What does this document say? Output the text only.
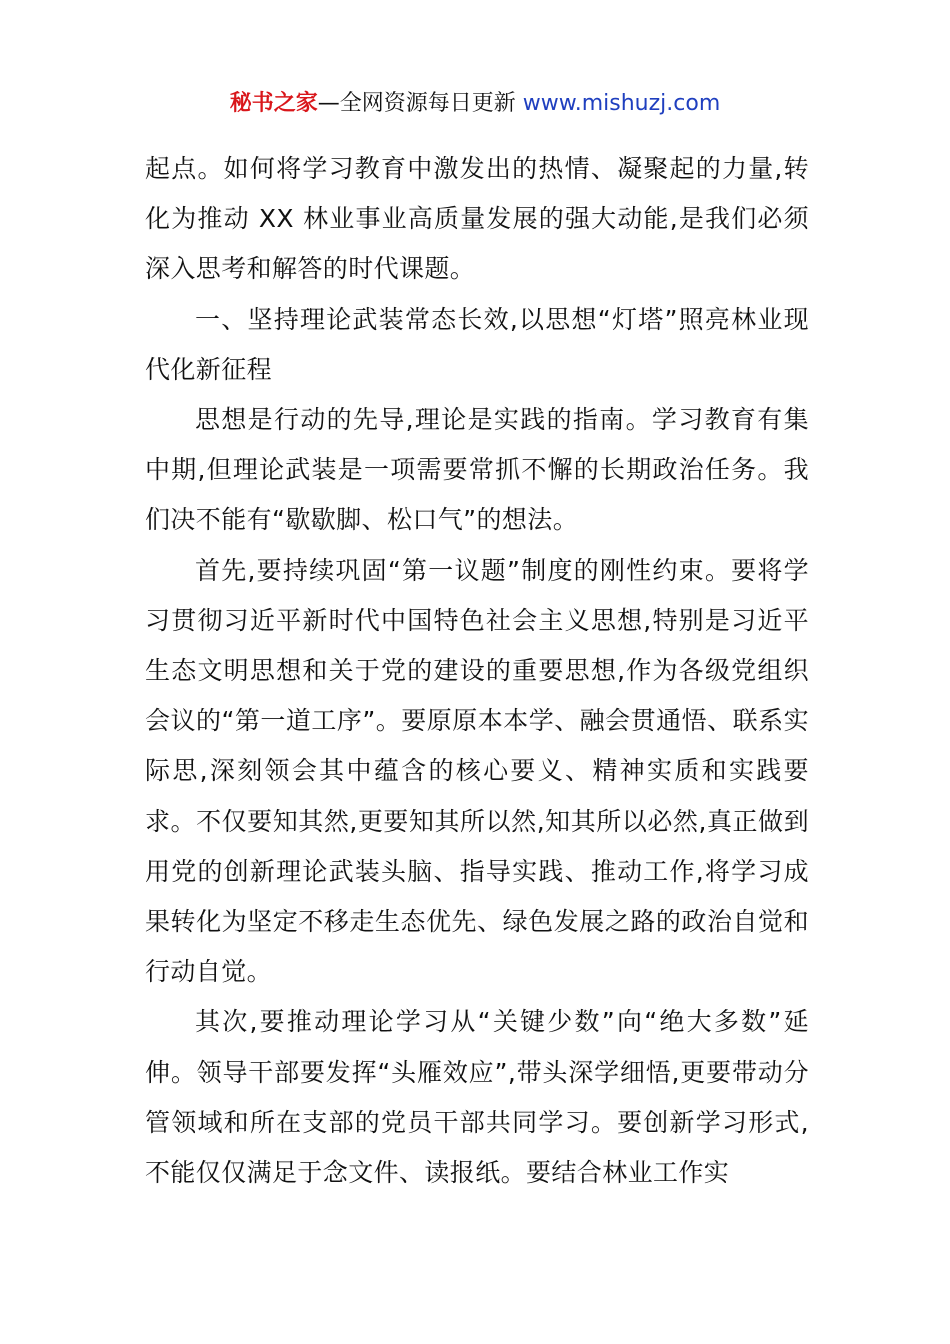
秘书之家—全网资源每日更新 www.mishuzj.com

起点。如何将学习教育中激发出的热情、凝聚起的力量,转化为推动 XX 林业事业高质量发展的强大动能,是我们必须深入思考和解答的时代课题。

一、坚持理论武装常态长效,以思想“灯塔”照亮林业现代化新征程

思想是行动的先导,理论是实践的指南。学习教育有集中期,但理论武装是一项需要常抓不懈的长期政治任务。我们决不能有“歇歇脚、松口气”的想法。

首先,要持续巩固“第一议题”制度的刚性约束。要将学习贯彻习近平新时代中国特色社会主义思想,特别是习近平生态文明思想和关于党的建设的重要思想,作为各级党组织会议的“第一道工序”。要原原本本学、融会贯通悟、联系实际思,深刻领会其中蕴含的核心要义、精神实质和实践要求。不仅要知其然,更要知其所以然,知其所以必然,真正做到用党的创新理论武装头脑、指导实践、推动工作,将学习成果转化为坚定不移走生态优先、绿色发展之路的政治自觉和行动自觉。

其次,要推动理论学习从“关键少数”向“绝大多数”延伸。领导干部要发挥“头雁效应”,带头深学细悟,更要带动分管领域和所在支部的党员干部共同学习。要创新学习形式,不能仅仅满足于念文件、读报纸。要结合林业工作实
